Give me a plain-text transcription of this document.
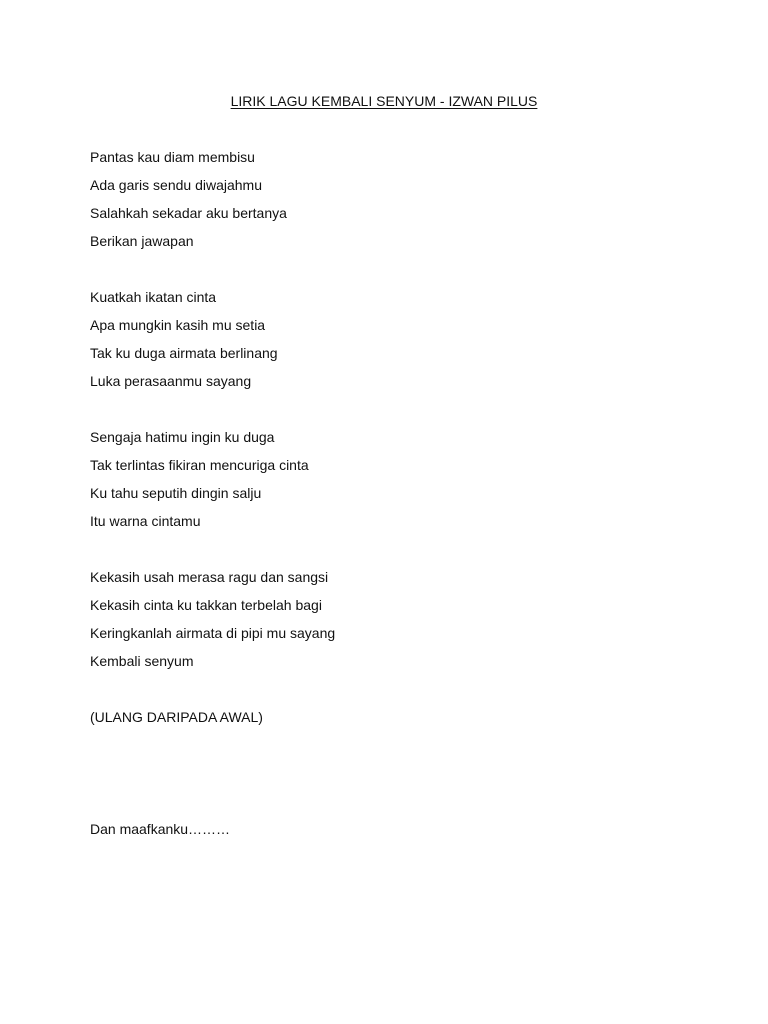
LIRIK LAGU KEMBALI SENYUM - IZWAN PILUS
Pantas kau diam membisu
Ada garis sendu diwajahmu
Salahkah sekadar aku bertanya
Berikan jawapan
Kuatkah ikatan cinta
Apa mungkin kasih mu setia
Tak ku duga airmata berlinang
Luka perasaanmu sayang
Sengaja hatimu ingin ku duga
Tak terlintas fikiran mencuriga cinta
Ku tahu seputih dingin salju
Itu warna cintamu
Kekasih usah merasa ragu dan sangsi
Kekasih cinta ku takkan terbelah bagi
Keringkanlah airmata di pipi mu sayang
Kembali senyum
(ULANG DARIPADA AWAL)
Dan maafkanku………
